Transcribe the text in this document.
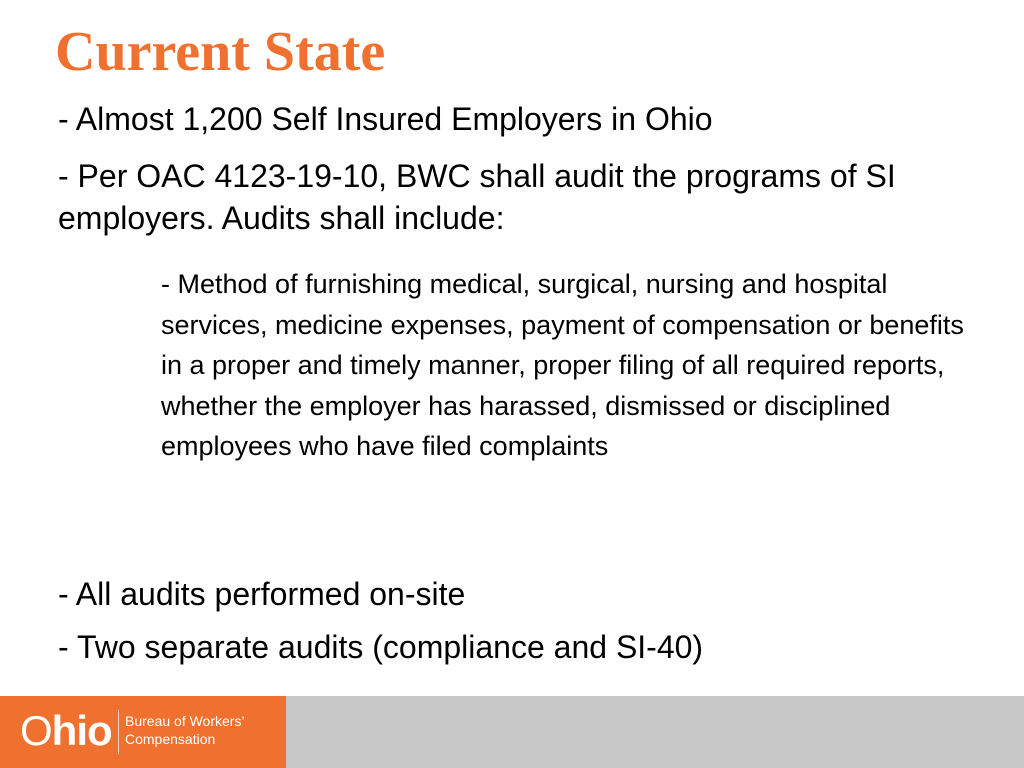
Current State

- Almost 1,200 Self Insured Employers in Ohio

- Per OAC 4123-19-10, BWC shall audit the programs of SI employers. Audits shall include:

- Method of furnishing medical, surgical, nursing and hospital services, medicine expenses, payment of compensation or benefits in a proper and timely manner, proper filing of all required reports, whether the employer has harassed, dismissed or disciplined employees who have filed complaints

- All audits performed on-site

- Two separate audits (compliance and SI-40)

Ohio Bureau of Workers’
Compensation
